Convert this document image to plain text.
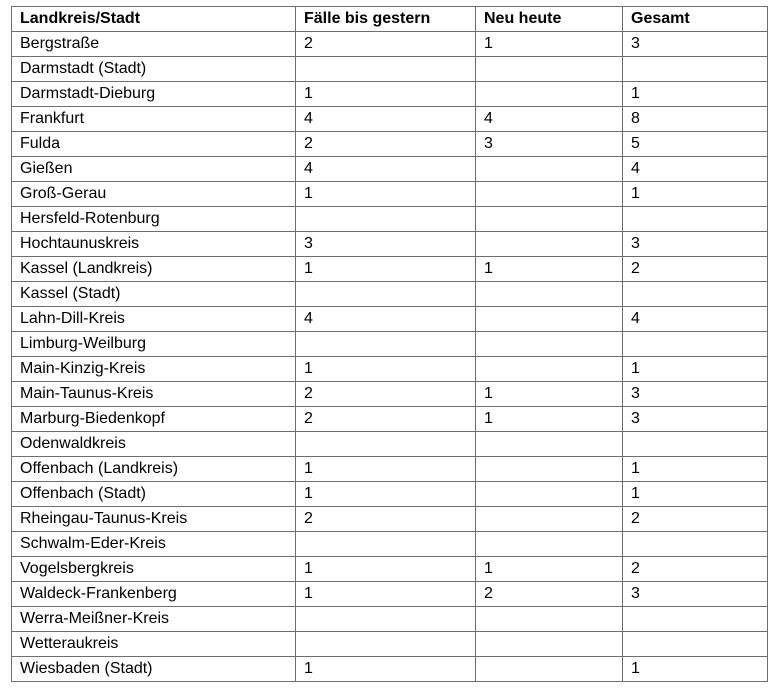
Landkreis/Stadt	Fälle bis gestern	Neu heute	Gesamt
Bergstraße	2	1	3
Darmstadt (Stadt)			
Darmstadt-Dieburg	1		1
Frankfurt	4	4	8
Fulda	2	3	5
Gießen	4		4
Groß-Gerau	1		1
Hersfeld-Rotenburg			
Hochtaunuskreis	3		3
Kassel (Landkreis)	1	1	2
Kassel (Stadt)			
Lahn-Dill-Kreis	4		4
Limburg-Weilburg			
Main-Kinzig-Kreis	1		1
Main-Taunus-Kreis	2	1	3
Marburg-Biedenkopf	2	1	3
Odenwaldkreis			
Offenbach (Landkreis)	1		1
Offenbach (Stadt)	1		1
Rheingau-Taunus-Kreis	2		2
Schwalm-Eder-Kreis			
Vogelsbergkreis	1	1	2
Waldeck-Frankenberg	1	2	3
Werra-Meißner-Kreis			
Wetteraukreis			
Wiesbaden (Stadt)	1		1
